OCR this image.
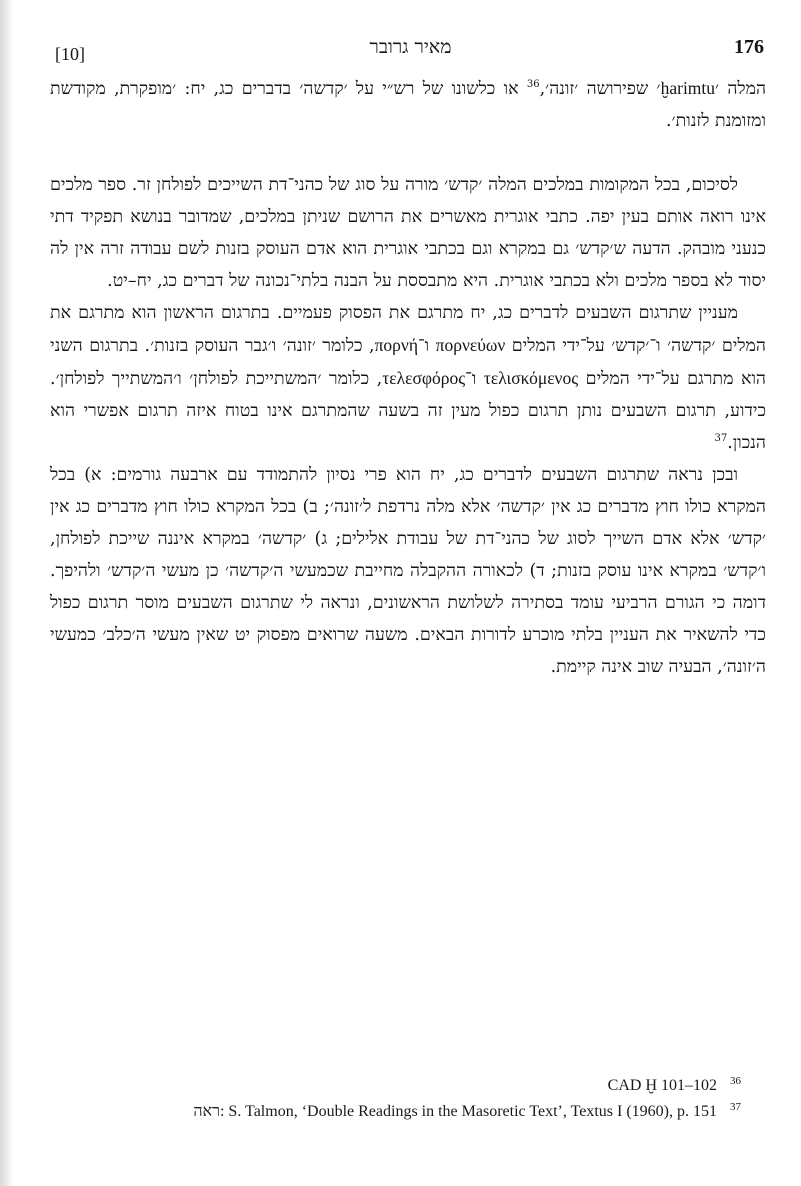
[10]	מאיר גרובר	176

המלה ׳ḫarimtu׳ שפירושה ׳זונה׳,$^{36}$ או כלשונו של רש״י על ׳קדשה׳ בדברים כג, יח: ׳מופקרת, מקודשת ומזומנת לזנות׳.

לסיכום, בכל המקומות במלכים המלה ׳קדש׳ מורה על סוג של כהני־דת השייכים לפולחן זר. ספר מלכים אינו רואה אותם בעין יפה. כתבי אוגרית מאשרים את הרושם שניתן במלכים, שמדובר בנושא תפקיד דתי כנעני מובהק. הדעה ש׳קדש׳ גם במקרא וגם בכתבי אוגרית הוא אדם העוסק בזנות לשם עבודה זרה אין לה יסוד לא בספר מלכים ולא בכתבי אוגרית. היא מתבססת על הבנה בלתי־נכונה של דברים כג, יח–יט.

מעניין שתרגום השבעים לדברים כג, יח מתרגם את הפסוק פעמיים. בתרגום הראשון הוא מתרגם את המלים ׳קדשה׳ ו־׳קדש׳ על־ידי המלים πορνεύων ו־πορνή, כלומר ׳זונה׳ ו׳גבר העוסק בזנות׳. בתרגום השני הוא מתרגם על־ידי המלים τελισκόμενος ו־τελεσφόρος, כלומר ׳המשתייכת לפולחן׳ ו׳המשתייך לפולחן׳. כידוע, תרגום השבעים נותן תרגום כפול מעין זה בשעה שהמתרגם אינו בטוח איזה תרגום אפשרי הוא הנכון.$^{37}$

ובכן נראה שתרגום השבעים לדברים כג, יח הוא פרי נסיון להתמודד עם ארבעה גורמים: א) בכל המקרא כולו חוץ מדברים כג אין ׳קדשה׳ אלא מלה נרדפת ל׳זונה׳; ב) בכל המקרא כולו חוץ מדברים כג אין ׳קדש׳ אלא אדם השייך לסוג של כהני־דת של עבודת אלילים; ג) ׳קדשה׳ במקרא איננה שייכת לפולחן, ו׳קדש׳ במקרא אינו עוסק בזנות; ד) לכאורה ההקבלה מחייבת שכמעשי ה׳קדשה׳ כן מעשי ה׳קדש׳ ולהיפך. דומה כי הגורם הרביעי עומד בסתירה לשלושת הראשונים, ונראה לי שתרגום השבעים מוסר תרגום כפול כדי להשאיר את העניין בלתי מוכרע לדורות הבאים. משעה שרואים מפסוק יט שאין מעשי ה׳כלב׳ כמעשי ה׳זונה׳, הבעיה שוב אינה קיימת.

CAD Ḫ 101–102 36
ראה: S. Talmon, ‘Double Readings in the Masoretic Text’, Textus I (1960), p. 151 37
